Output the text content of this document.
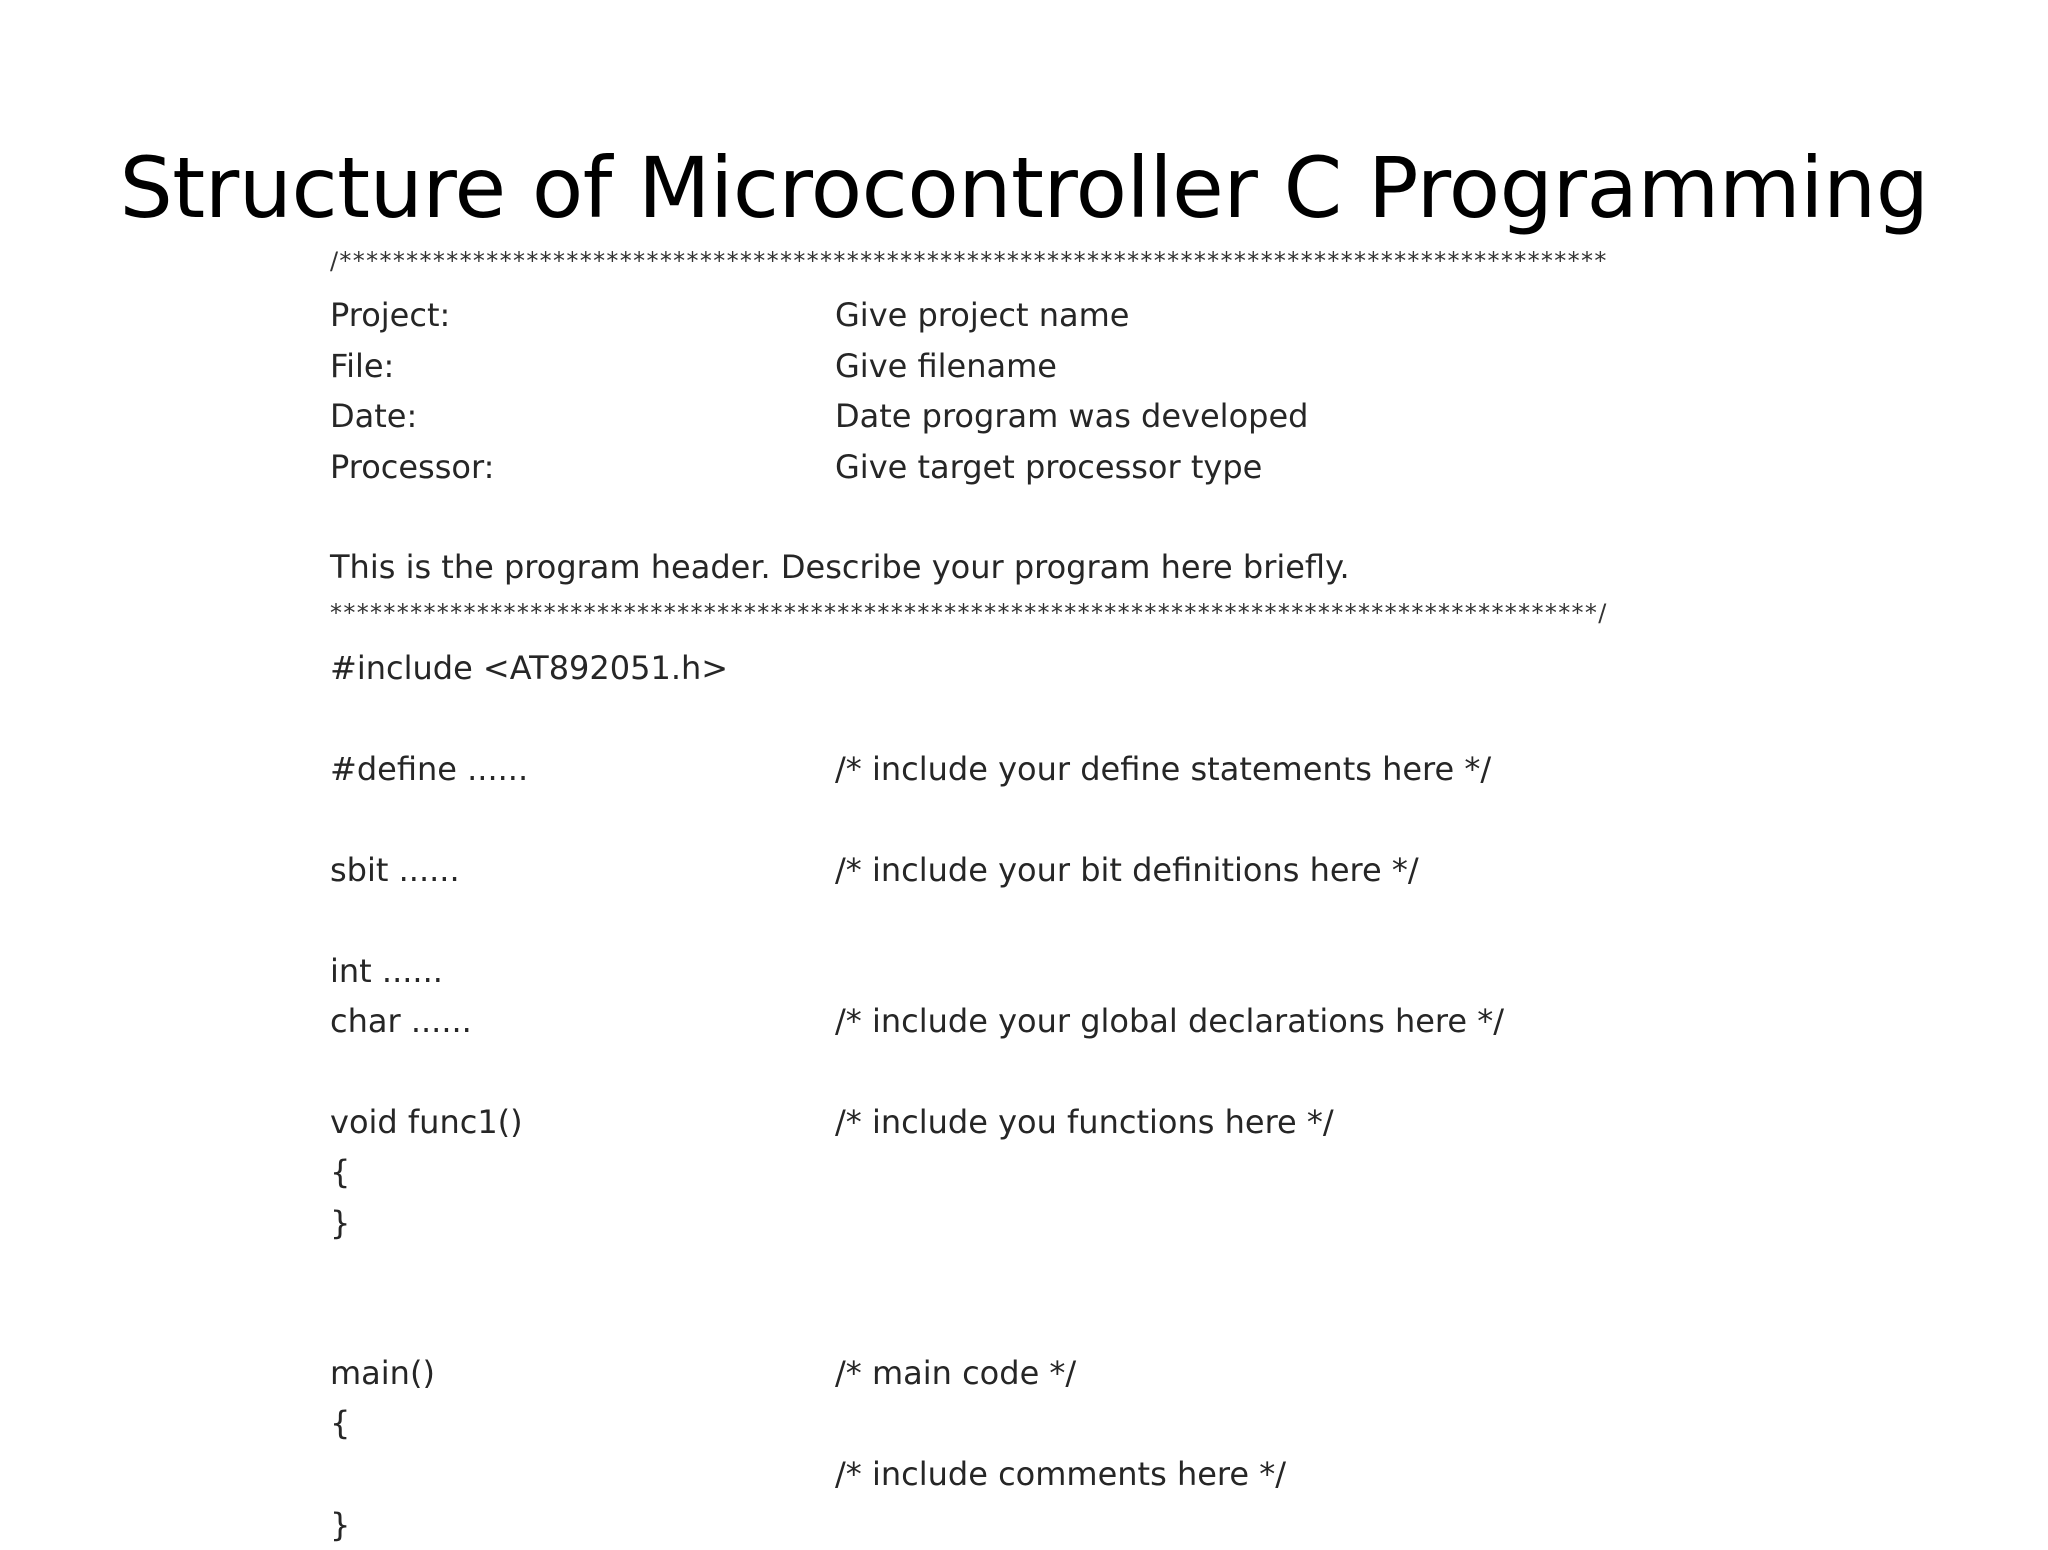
Structure of Microcontroller C Programming
/***********************************************************************************************
Project:	Give project name
File:	Give filename
Date:	Date program was developed
Processor:	Give target processor type
This is the program header. Describe your program here briefly.
***********************************************************************************************/
#include <AT892051.h>
#define ......	/* include your define statements here */
sbit ......	/* include your bit definitions here */
int ......
char ......	/* include your global declarations here */
void func1()	/* include you functions here */
{
}
main()	/* main code */
{
/* include comments here */
}
